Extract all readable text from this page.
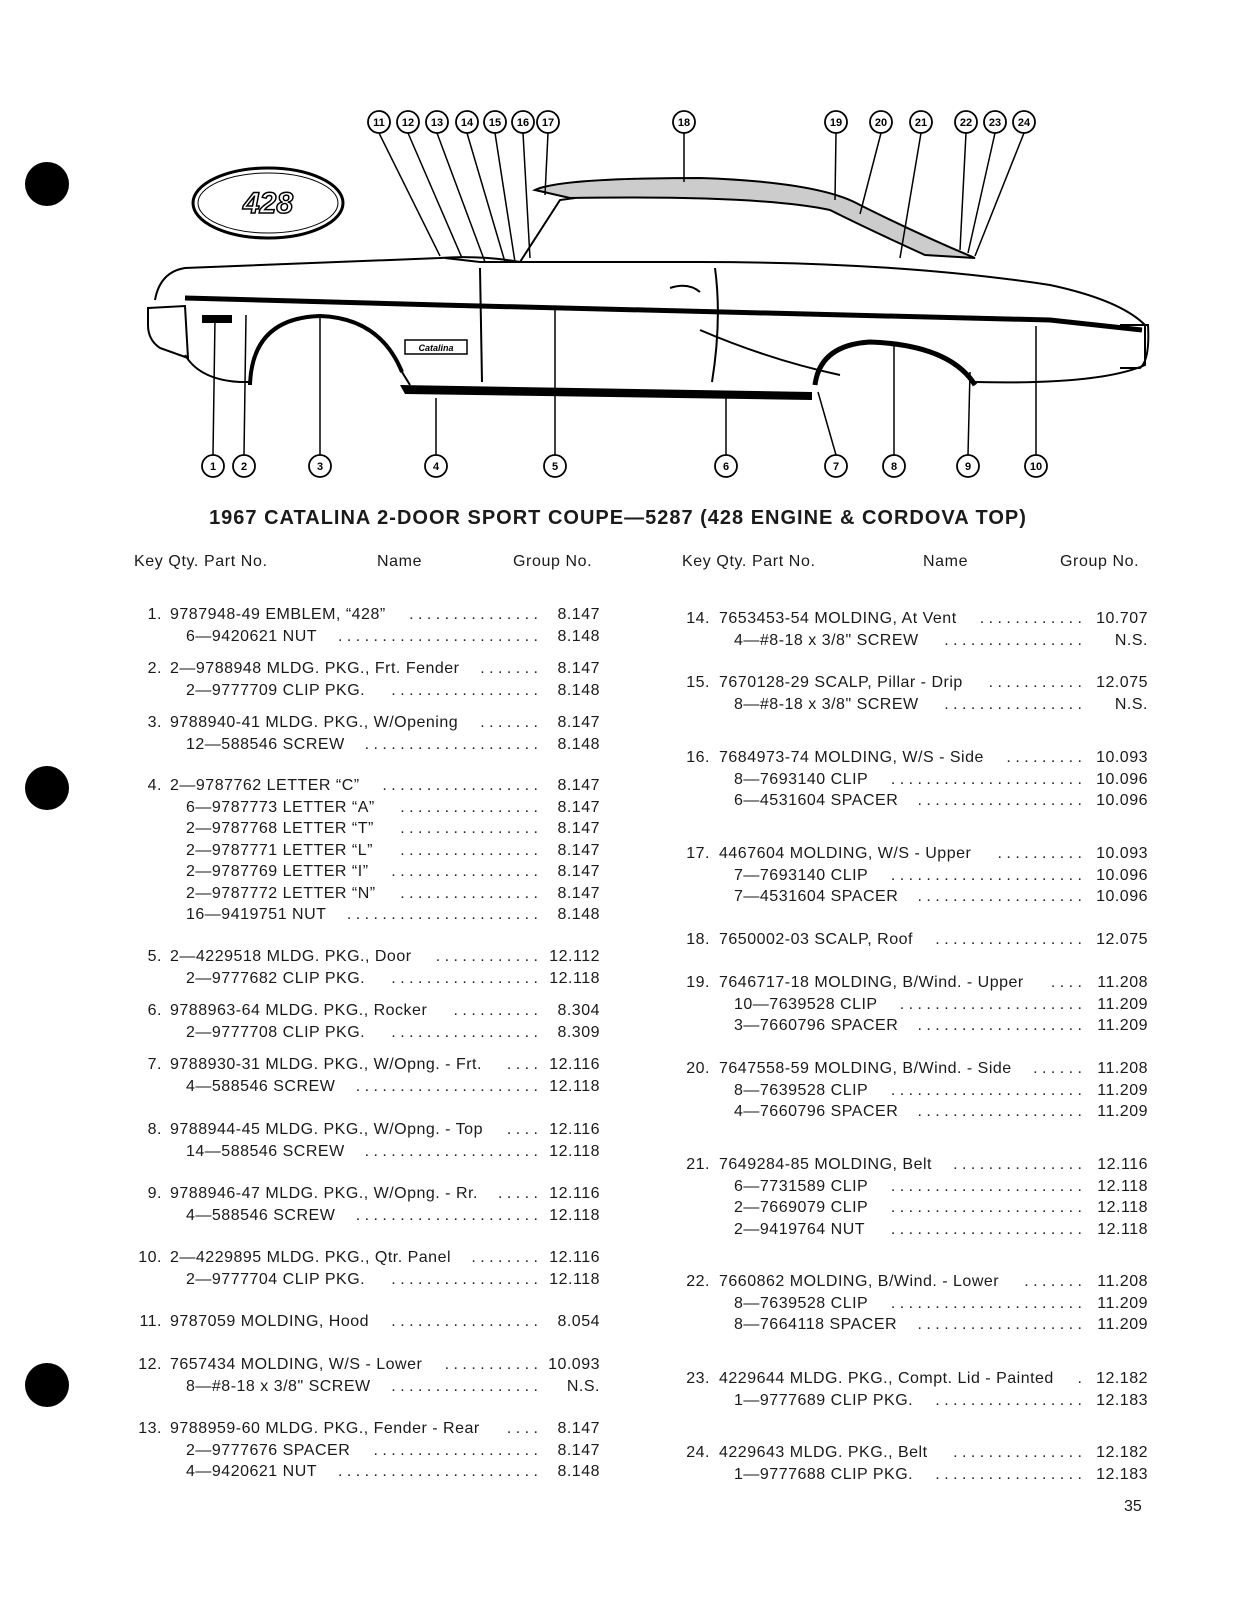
428
Catalina
1 2	3	4	5	6	7	8	9	10
11 12 13 14 15 16 17	18	19	20	21	22 23 24
1967 CATALINA 2-DOOR SPORT COUPE—5287 (428 ENGINE & CORDOVA TOP)
Key Qty. Part No.	Name	Group No.	Key Qty. Part No.	Name	Group No.
1. 9787948-49 EMBLEM, “428”	. . . . . . . . . . . . . . .	8.147
6—9420621 NUT	. . . . . . . . . . . . . . . . . . . . . . .	8.148
2. 2—9788948 MLDG. PKG., Frt. Fender	. . . . . . .	8.147
2—9777709 CLIP PKG.	. . . . . . . . . . . . . . . . .	8.148
3. 9788940-41 MLDG. PKG., W/Opening	. . . . . . .	8.147
12—588546 SCREW	. . . . . . . . . . . . . . . . . . . .	8.148
4. 2—9787762 LETTER “C”	. . . . . . . . . . . . . . . . . .	8.147
6—9787773 LETTER “A”	. . . . . . . . . . . . . . . .	8.147
2—9787768 LETTER “T”	. . . . . . . . . . . . . . . .	8.147
2—9787771 LETTER “L”	. . . . . . . . . . . . . . . .	8.147
2—9787769 LETTER “I”	. . . . . . . . . . . . . . . . .	8.147
2—9787772 LETTER “N”	. . . . . . . . . . . . . . . .	8.147
16—9419751 NUT	. . . . . . . . . . . . . . . . . . . . . .	8.148
5. 2—4229518 MLDG. PKG., Door	. . . . . . . . . . . . 12.112
2—9777682 CLIP PKG.	. . . . . . . . . . . . . . . . . 12.118
6. 9788963-64 MLDG. PKG., Rocker	. . . . . . . . . .	8.304
2—9777708 CLIP PKG.	. . . . . . . . . . . . . . . . .	8.309
7. 9788930-31 MLDG. PKG., W/Opng. - Frt.	. . . . 12.116
4—588546 SCREW	. . . . . . . . . . . . . . . . . . . . . 12.118
8. 9788944-45 MLDG. PKG., W/Opng. - Top	. . . . 12.116
14—588546 SCREW	. . . . . . . . . . . . . . . . . . . . 12.118
9. 9788946-47 MLDG. PKG., W/Opng. - Rr.	. . . . . 12.116
4—588546 SCREW	. . . . . . . . . . . . . . . . . . . . . 12.118
10. 2—4229895 MLDG. PKG., Qtr. Panel	. . . . . . . . 12.116
2—9777704 CLIP PKG.	. . . . . . . . . . . . . . . . . 12.118
11. 9787059 MOLDING, Hood	. . . . . . . . . . . . . . . . .	8.054
12. 7657434 MOLDING, W/S - Lower	. . . . . . . . . . . 10.093
8—#8-18 x 3/8" SCREW	. . . . . . . . . . . . . . . . .	N.S.
13. 9788959-60 MLDG. PKG., Fender - Rear	. . . .	8.147
2—9777676 SPACER	. . . . . . . . . . . . . . . . . . .	8.147
4—9420621 NUT	. . . . . . . . . . . . . . . . . . . . . . .	8.148
14. 7653453-54 MOLDING, At Vent	. . . . . . . . . . . . 10.707
4—#8-18 x 3/8" SCREW	. . . . . . . . . . . . . . . .	N.S.
15. 7670128-29 SCALP, Pillar - Drip	. . . . . . . . . . . 12.075
8—#8-18 x 3/8" SCREW	. . . . . . . . . . . . . . . .	N.S.
16. 7684973-74 MOLDING, W/S - Side	. . . . . . . . . 10.093
8—7693140 CLIP	. . . . . . . . . . . . . . . . . . . . . . 10.096
6—4531604 SPACER	. . . . . . . . . . . . . . . . . . . 10.096
17. 4467604 MOLDING, W/S - Upper	. . . . . . . . . . 10.093
7—7693140 CLIP	. . . . . . . . . . . . . . . . . . . . . . 10.096
7—4531604 SPACER	. . . . . . . . . . . . . . . . . . . 10.096
18. 7650002-03 SCALP, Roof	. . . . . . . . . . . . . . . . . 12.075
19. 7646717-18 MOLDING, B/Wind. - Upper	. . . . 11.208
10—7639528 CLIP	. . . . . . . . . . . . . . . . . . . . . 11.209
3—7660796 SPACER	. . . . . . . . . . . . . . . . . . . 11.209
20. 7647558-59 MOLDING, B/Wind. - Side	. . . . . . 11.208
8—7639528 CLIP	. . . . . . . . . . . . . . . . . . . . . . 11.209
4—7660796 SPACER	. . . . . . . . . . . . . . . . . . . 11.209
21. 7649284-85 MOLDING, Belt	. . . . . . . . . . . . . . . 12.116
6—7731589 CLIP	. . . . . . . . . . . . . . . . . . . . . . 12.118
2—7669079 CLIP	. . . . . . . . . . . . . . . . . . . . . . 12.118
2—9419764 NUT	. . . . . . . . . . . . . . . . . . . . . . 12.118
22. 7660862 MOLDING, B/Wind. - Lower	. . . . . . . 11.208
8—7639528 CLIP	. . . . . . . . . . . . . . . . . . . . . . 11.209
8—7664118 SPACER	. . . . . . . . . . . . . . . . . . . 11.209
23. 4229644 MLDG. PKG., Compt. Lid - Painted	. 12.182
1—9777689 CLIP PKG.	. . . . . . . . . . . . . . . . . 12.183
24. 4229643 MLDG. PKG., Belt	. . . . . . . . . . . . . . . 12.182
1—9777688 CLIP PKG.	. . . . . . . . . . . . . . . . . 12.183
35
